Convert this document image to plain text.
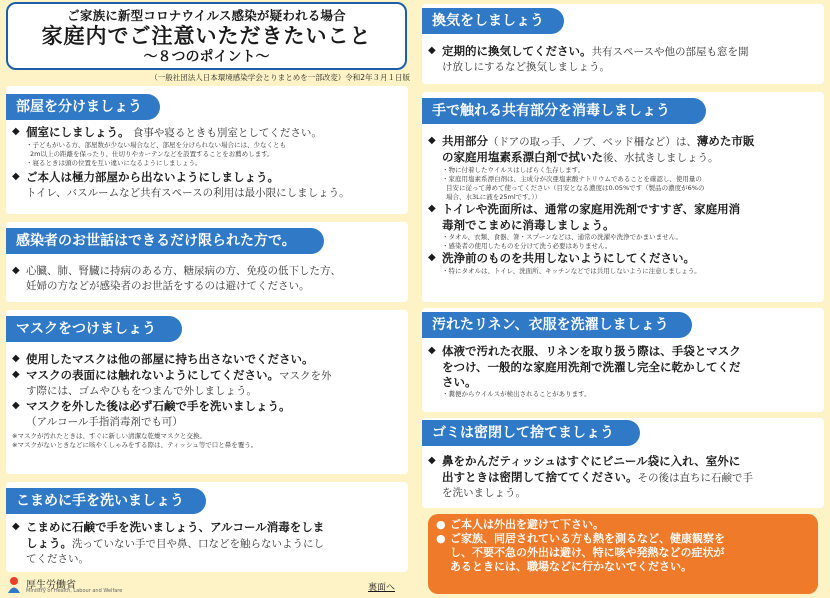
ご家族に新型コロナウイルス感染が疑われる場合
家庭内でご注意いただきたいこと
～８つのポイント～
（一般社団法人日本環境感染学会とりまとめを一部改変）令和2年３月１日版
部屋を分けましょう
◆ 個室にしましょう。 食事や寝るときも別室としてください。
・子どもがいる方、部屋数が少ない場合など、部屋を分けられない場合には、少なくとも
2m以上の距離を保ったり、仕切りやカーテンなどを設置することをお薦めします。
・寝るときは頭の位置を互い違いになるようにしましょう。
◆ ご本人は極力部屋から出ないようにしましょう。
トイレ、バスルームなど共有スペースの利用は最小限にしましょう。
感染者のお世話はできるだけ限られた方で。
◆ 心臓、肺、腎臓に持病のある方、糖尿病の方、免疫の低下した方、
妊婦の方などが感染者のお世話をするのは避けてください。
マスクをつけましょう
◆ 使用したマスクは他の部屋に持ち出さないでください。
◆ マスクの表面には触れないようにしてください。マスクを外
す際には、ゴムやひもをつまんで外しましょう。
◆ マスクを外した後は必ず石鹸で手を洗いましょう。
（アルコール手指消毒剤でも可）
※マスクが汚れたときは、すぐに新しい清潔な乾燥マスクと交換。
※マスクがないときなどに咳やくしゃみをする際は、ティッシュ等で口と鼻を覆う。
こまめに手を洗いましょう
◆ こまめに石鹸で手を洗いましょう、アルコール消毒をしま
しょう。洗っていない手で目や鼻、口などを触らないようにし
てください。
換気をしましょう
◆ 定期的に換気してください。共有スペースや他の部屋も窓を開
け放しにするなど換気しましょう。
手で触れる共有部分を消毒しましょう
◆ 共用部分（ドアの取っ手、ノブ、ベッド柵など）は、薄めた市販
の家庭用塩素系漂白剤で拭いた後、水拭きしましょう。
・物に付着したウイルスはしばらく生存します。
・家庭用塩素系漂白剤は、主成分が次亜塩素酸ナトリウムであることを確認し、使用量の
目安に従って薄めて使ってください（目安となる濃度は0.05%です（製品の濃度が6%の
場合、水3Lに液を25mlです。））
◆ トイレや洗面所は、通常の家庭用洗剤ですすぎ、家庭用消
毒剤でこまめに消毒しましょう。
・タオル、衣類、食器、箸・スプーンなどは、通常の洗濯や洗浄でかまいません。
・感染者の使用したものを分けて洗う必要はありません。
◆ 洗浄前のものを共用しないようにしてください。
・特にタオルは、トイレ、洗面所、キッチンなどでは共用しないように注意しましょう。
汚れたリネン、衣服を洗濯しましょう
◆ 体液で汚れた衣服、リネンを取り扱う際は、手袋とマスク
をつけ、一般的な家庭用洗剤で洗濯し完全に乾かしてくだ
さい。
・糞便からウイルスが検出されることがあります。
ゴミは密閉して捨てましょう
◆ 鼻をかんだティッシュはすぐにビニール袋に入れ、室外に
出すときは密閉して捨ててください。その後は直ちに石鹸で手
を洗いましょう。
● ご本人は外出を避けて下さい。
● ご家族、同居されている方も熱を測るなど、健康観察を
し、不要不急の外出は避け、特に咳や発熱などの症状が
あるときには、職場などに行かないでください。
厚生労働省
Ministry of Health, Labour and Welfare	裏面へ
